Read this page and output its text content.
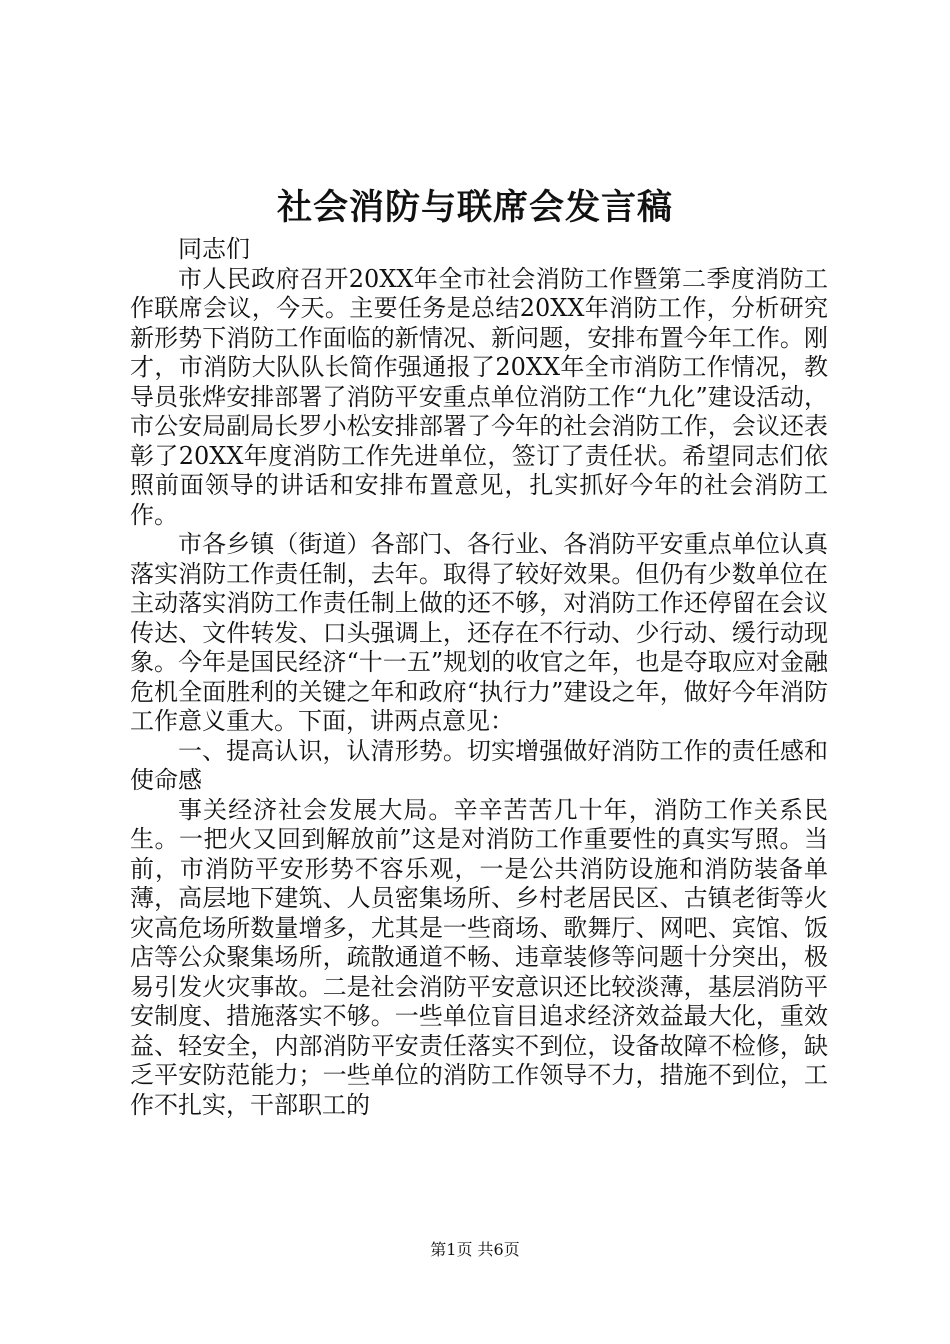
社会消防与联席会发言稿

同志们

市人民政府召开20XX年全市社会消防工作暨第二季度消防工作联席会议，今天。主要任务是总结20XX年消防工作，分析研究新形势下消防工作面临的新情况、新问题，安排布置今年工作。刚才，市消防大队队长简作强通报了20XX年全市消防工作情况，教导员张烨安排部署了消防平安重点单位消防工作“九化”建设活动，市公安局副局长罗小松安排部署了今年的社会消防工作，会议还表彰了20XX年度消防工作先进单位，签订了责任状。希望同志们依照前面领导的讲话和安排布置意见，扎实抓好今年的社会消防工作。

市各乡镇（街道）各部门、各行业、各消防平安重点单位认真落实消防工作责任制，去年。取得了较好效果。但仍有少数单位在主动落实消防工作责任制上做的还不够，对消防工作还停留在会议传达、文件转发、口头强调上，还存在不行动、少行动、缓行动现象。今年是国民经济“十一五”规划的收官之年，也是夺取应对金融危机全面胜利的关键之年和政府“执行力”建设之年，做好今年消防工作意义重大。下面，讲两点意见：

一、提高认识，认清形势。切实增强做好消防工作的责任感和使命感

事关经济社会发展大局。辛辛苦苦几十年，消防工作关系民生。一把火又回到解放前”这是对消防工作重要性的真实写照。当前，市消防平安形势不容乐观，一是公共消防设施和消防装备单薄，高层地下建筑、人员密集场所、乡村老居民区、古镇老街等火灾高危场所数量增多，尤其是一些商场、歌舞厅、网吧、宾馆、饭店等公众聚集场所，疏散通道不畅、违章装修等问题十分突出，极易引发火灾事故。二是社会消防平安意识还比较淡薄，基层消防平安制度、措施落实不够。一些单位盲目追求经济效益最大化，重效益、轻安全，内部消防平安责任落实不到位，设备故障不检修，缺乏平安防范能力；一些单位的消防工作领导不力，措施不到位，工作不扎实，干部职工的

第1页 共6页
